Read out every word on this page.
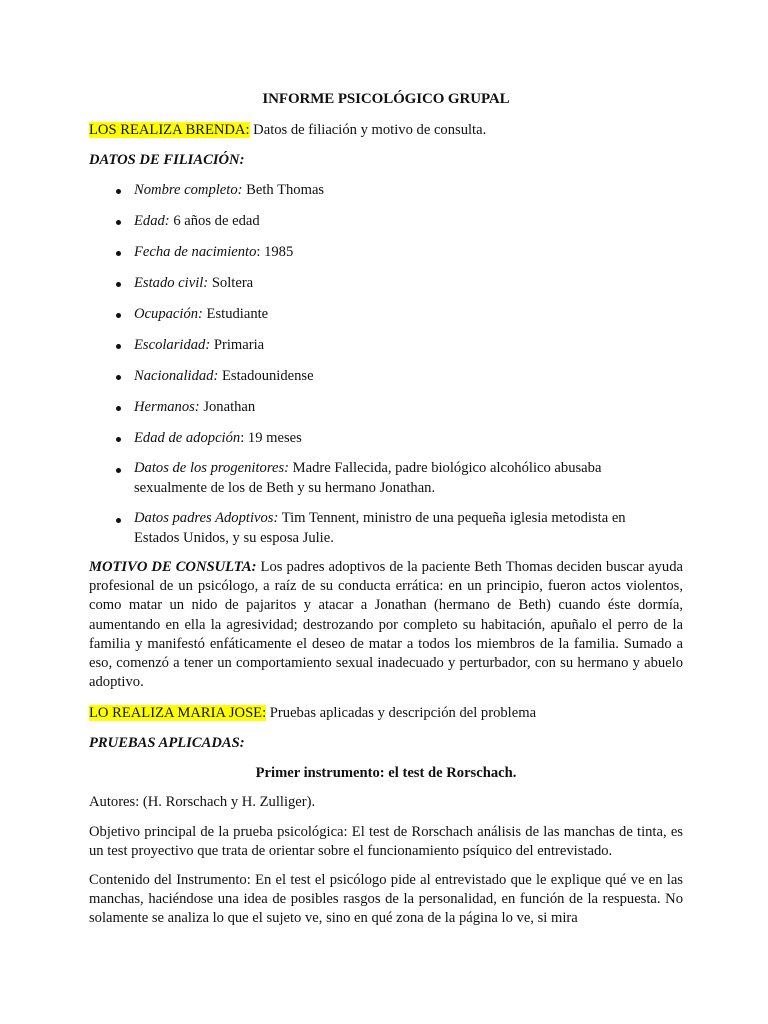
INFORME PSICOLÓGICO GRUPAL
LOS REALIZA BRENDA: Datos de filiación y motivo de consulta.
DATOS DE FILIACIÓN:
Nombre completo: Beth Thomas
Edad: 6 años de edad
Fecha de nacimiento: 1985
Estado civil: Soltera
Ocupación: Estudiante
Escolaridad: Primaria
Nacionalidad: Estadounidense
Hermanos: Jonathan
Edad de adopción: 19 meses
Datos de los progenitores: Madre Fallecida, padre biológico alcohólico abusaba sexualmente de los de Beth y su hermano Jonathan.
Datos padres Adoptivos: Tim Tennent, ministro de una pequeña iglesia metodista en Estados Unidos, y su esposa Julie.
MOTIVO DE CONSULTA: Los padres adoptivos de la paciente Beth Thomas deciden buscar ayuda profesional de un psicólogo, a raíz de su conducta errática: en un principio, fueron actos violentos, como matar un nido de pajaritos y atacar a Jonathan (hermano de Beth) cuando éste dormía, aumentando en ella la agresividad; destrozando por completo su habitación, apuñalo el perro de la familia y manifestó enfáticamente el deseo de matar a todos los miembros de la familia. Sumado a eso, comenzó a tener un comportamiento sexual inadecuado y perturbador, con su hermano y abuelo adoptivo.
LO REALIZA MARIA JOSE: Pruebas aplicadas y descripción del problema
PRUEBAS APLICADAS:
Primer instrumento: el test de Rorschach.
Autores: (H. Rorschach y H. Zulliger).
Objetivo principal de la prueba psicológica: El test de Rorschach análisis de las manchas de tinta, es un test proyectivo que trata de orientar sobre el funcionamiento psíquico del entrevistado.
Contenido del Instrumento: En el test el psicólogo pide al entrevistado que le explique qué ve en las manchas, haciéndose una idea de posibles rasgos de la personalidad, en función de la respuesta. No solamente se analiza lo que el sujeto ve, sino en qué zona de la página lo ve, si mira
